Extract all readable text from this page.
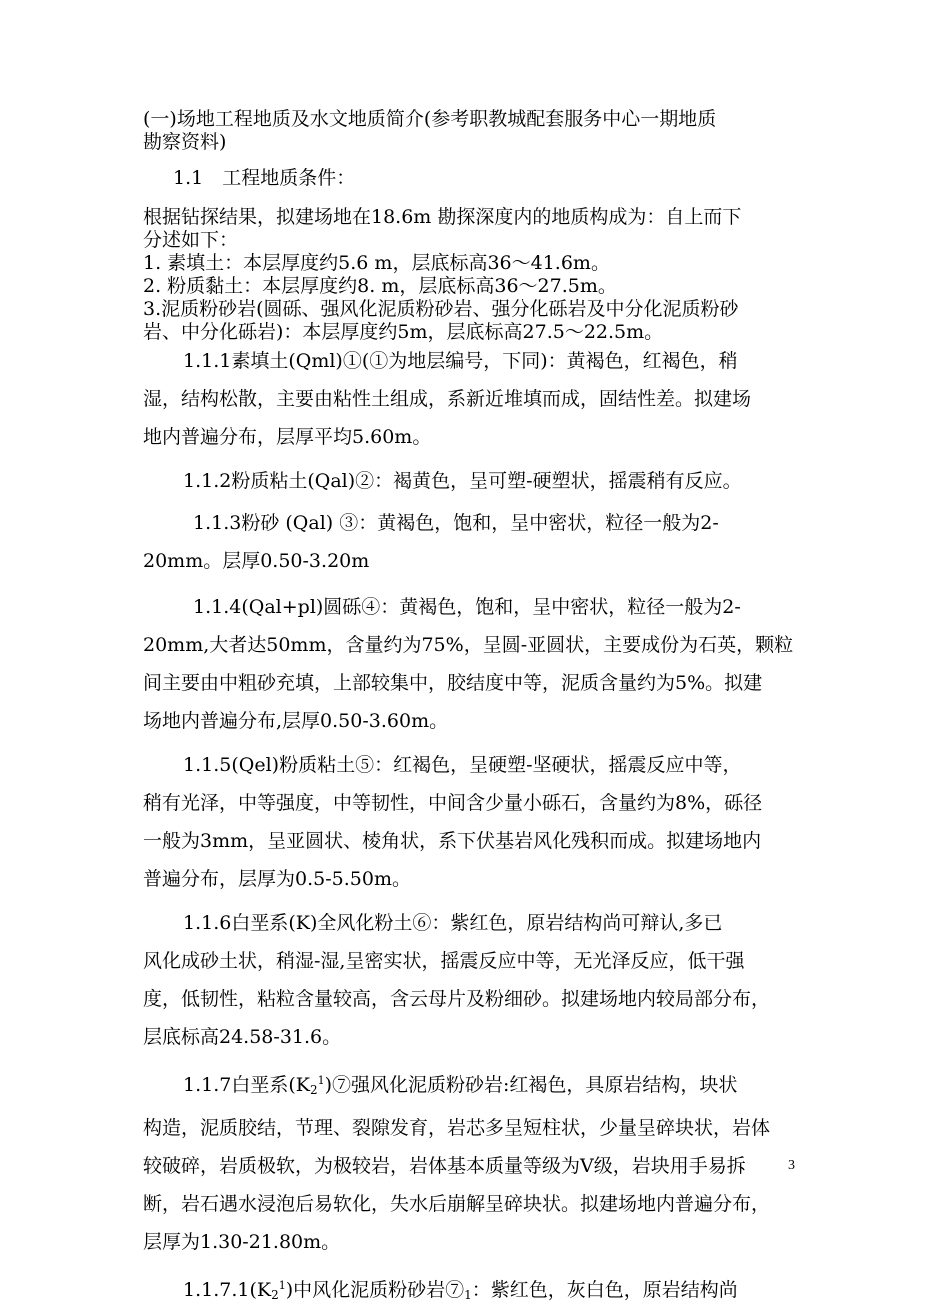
(一)场地工程地质及水文地质简介(参考职教城配套服务中心一期地质
勘察资料)
1.1　工程地质条件：
根据钻探结果，拟建场地在18.6m 勘探深度内的地质构成为：自上而下
分述如下：
1. 素填土：本层厚度约5.6 m，层底标高36～41.6m。
2. 粉质黏土：本层厚度约8. m，层底标高36～27.5m。
3.泥质粉砂岩(圆砾、强风化泥质粉砂岩、强分化砾岩及中分化泥质粉砂
岩、中分化砾岩)：本层厚度约5m，层底标高27.5～22.5m。
1.1.1素填土(Qml)①(①为地层编号，下同)：黄褐色，红褐色，稍
湿，结构松散，主要由粘性土组成，系新近堆填而成，固结性差。拟建场
地内普遍分布，层厚平均5.60m。
1.1.2粉质粘土(Qal)②：褐黄色，呈可塑-硬塑状，摇震稍有反应。
1.1.3粉砂 (Qal) ③：黄褐色，饱和，呈中密状，粒径一般为2-
20mm。层厚0.50-3.20m
1.1.4(Qal+pl)圆砾④：黄褐色，饱和，呈中密状，粒径一般为2-
20mm,大者达50mm，含量约为75%，呈圆-亚圆状，主要成份为石英，颗粒
间主要由中粗砂充填，上部较集中，胶结度中等，泥质含量约为5%。拟建
场地内普遍分布,层厚0.50-3.60m。
1.1.5(Qel)粉质粘土⑤：红褐色，呈硬塑-坚硬状，摇震反应中等，
稍有光泽，中等强度，中等韧性，中间含少量小砾石，含量约为8%，砾径
一般为3mm，呈亚圆状、棱角状，系下伏基岩风化残积而成。拟建场地内
普遍分布，层厚为0.5-5.50m。
1.1.6白垩系(K)全风化粉土⑥：紫红色，原岩结构尚可辩认,多已
风化成砂土状，稍湿-湿,呈密实状，摇震反应中等，无光泽反应，低干强
度，低韧性，粘粒含量较高，含云母片及粉细砂。拟建场地内较局部分布，
层底标高24.58-31.6。
1.1.7白垩系$(K_2^1)⑦$强风化泥质粉砂岩:红褐色，具原岩结构，块状
构造，泥质胶结，节理、裂隙发育，岩芯多呈短柱状，少量呈碎块状，岩体
较破碎，岩质极软，为极较岩，岩体基本质量等级为Ⅴ级，岩块用手易拆
断，岩石遇水浸泡后易软化，失水后崩解呈碎块状。拟建场地内普遍分布，
层厚为1.30-21.80m。
$1.1.7.1(K_2^1)$中风化泥质粉砂岩$⑦_1$：紫红色，灰白色，原岩结构尚
3
